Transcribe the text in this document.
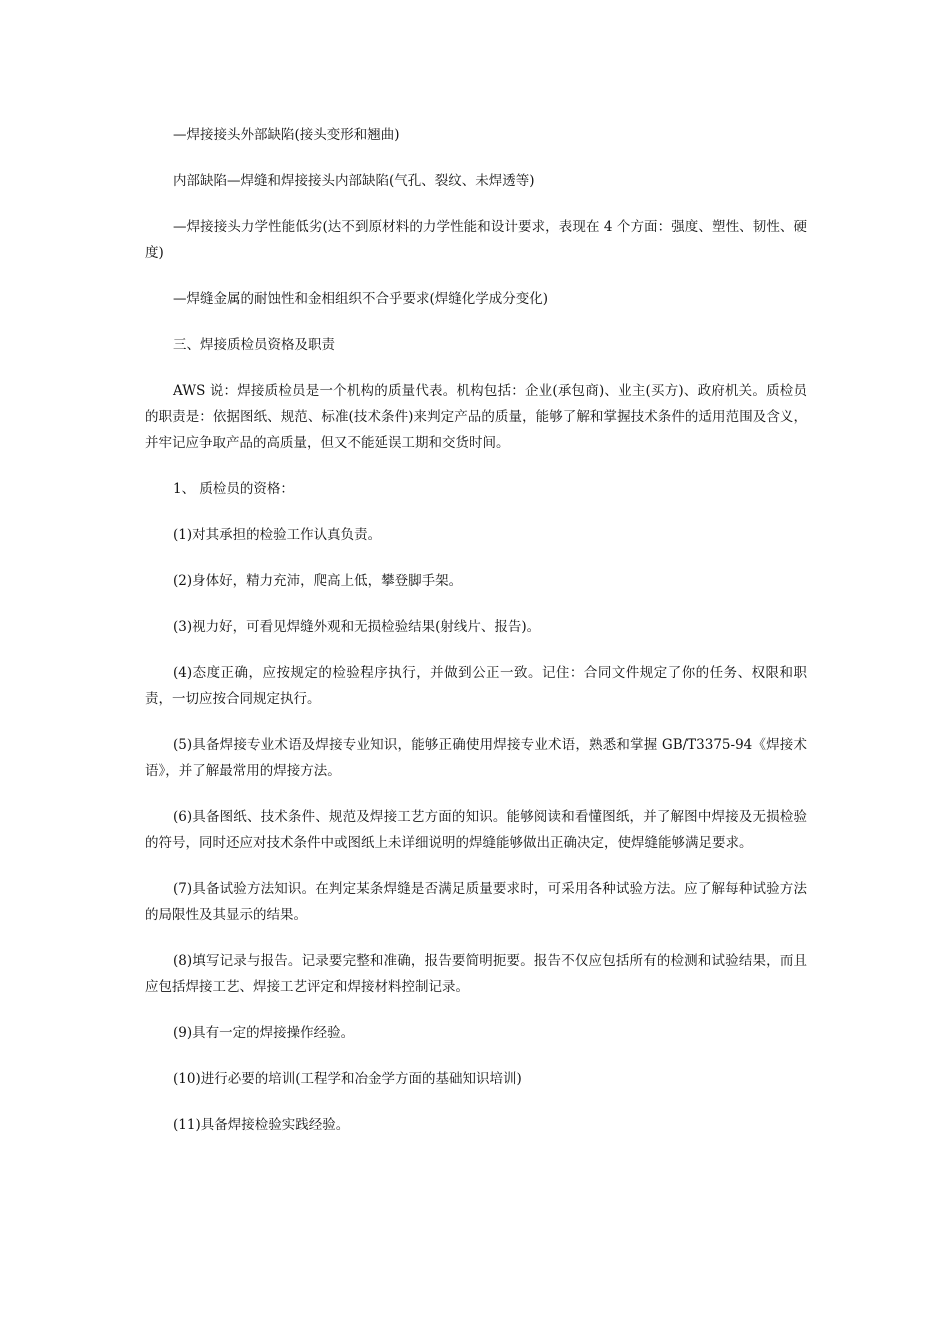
—焊接接头外部缺陷(接头变形和翘曲)

内部缺陷—焊缝和焊接接头内部缺陷(气孔、裂纹、未焊透等)

—焊接接头力学性能低劣(达不到原材料的力学性能和设计要求，表现在 4 个方面：强度、塑性、韧性、硬度)

—焊缝金属的耐蚀性和金相组织不合乎要求(焊缝化学成分变化)

三、焊接质检员资格及职责

AWS 说：焊接质检员是一个机构的质量代表。机构包括：企业(承包商)、业主(买方)、政府机关。质检员的职责是：依据图纸、规范、标准(技术条件)来判定产品的质量，能够了解和掌握技术条件的适用范围及含义，并牢记应争取产品的高质量，但又不能延误工期和交货时间。

1、 质检员的资格：

(1)对其承担的检验工作认真负责。

(2)身体好，精力充沛，爬高上低，攀登脚手架。

(3)视力好，可看见焊缝外观和无损检验结果(射线片、报告)。

(4)态度正确，应按规定的检验程序执行，并做到公正一致。记住：合同文件规定了你的任务、权限和职责，一切应按合同规定执行。

(5)具备焊接专业术语及焊接专业知识，能够正确使用焊接专业术语，熟悉和掌握 GB/T3375-94《焊接术语》，并了解最常用的焊接方法。

(6)具备图纸、技术条件、规范及焊接工艺方面的知识。能够阅读和看懂图纸，并了解图中焊接及无损检验的符号，同时还应对技术条件中或图纸上未详细说明的焊缝能够做出正确决定，使焊缝能够满足要求。

(7)具备试验方法知识。在判定某条焊缝是否满足质量要求时，可采用各种试验方法。应了解每种试验方法的局限性及其显示的结果。

(8)填写记录与报告。记录要完整和准确，报告要简明扼要。报告不仅应包括所有的检测和试验结果，而且应包括焊接工艺、焊接工艺评定和焊接材料控制记录。

(9)具有一定的焊接操作经验。

(10)进行必要的培训(工程学和冶金学方面的基础知识培训)

(11)具备焊接检验实践经验。
